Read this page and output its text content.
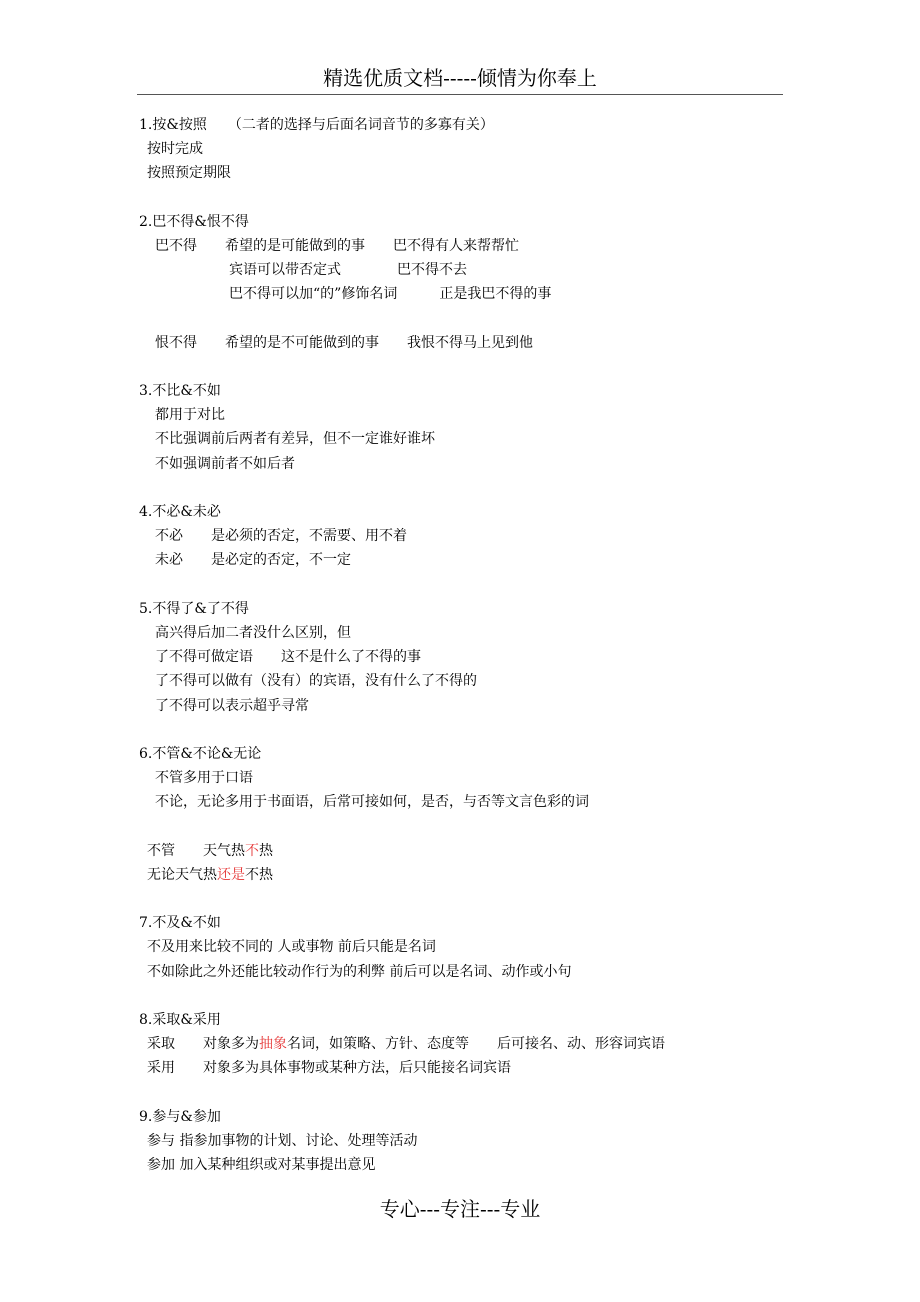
精选优质文档-----倾情为你奉上
1.按&按照　　（二者的选择与后面名词音节的多寡有关）
按时完成
按照预定期限
2.巴不得&恨不得
巴不得　　希望的是可能做到的事　　巴不得有人来帮帮忙
宾语可以带否定式　　　　巴不得不去
巴不得可以加“的”修饰名词　　　正是我巴不得的事
恨不得　　希望的是不可能做到的事　　我恨不得马上见到他
3.不比&不如
都用于对比
不比强调前后两者有差异，但不一定谁好谁坏
不如强调前者不如后者
4.不必&未必
不必　　是必须的否定，不需要、用不着
未必　　是必定的否定，不一定
5.不得了&了不得
高兴得后加二者没什么区别，但
了不得可做定语　　这不是什么了不得的事
了不得可以做有（没有）的宾语，没有什么了不得的
了不得可以表示超乎寻常
6.不管&不论&无论
不管多用于口语
不论，无论多用于书面语，后常可接如何，是否，与否等文言色彩的词
不管　　天气热不热
无论天气热还是不热
7.不及&不如
不及用来比较不同的 人或事物 前后只能是名词
不如除此之外还能比较动作行为的利弊 前后可以是名词、动作或小句
8.采取&采用
采取　　对象多为抽象名词，如策略、方针、态度等　　后可接名、动、形容词宾语
采用　　对象多为具体事物或某种方法，后只能接名词宾语
9.参与&参加
参与 指参加事物的计划、讨论、处理等活动
参加 加入某种组织或对某事提出意见
专心---专注---专业
